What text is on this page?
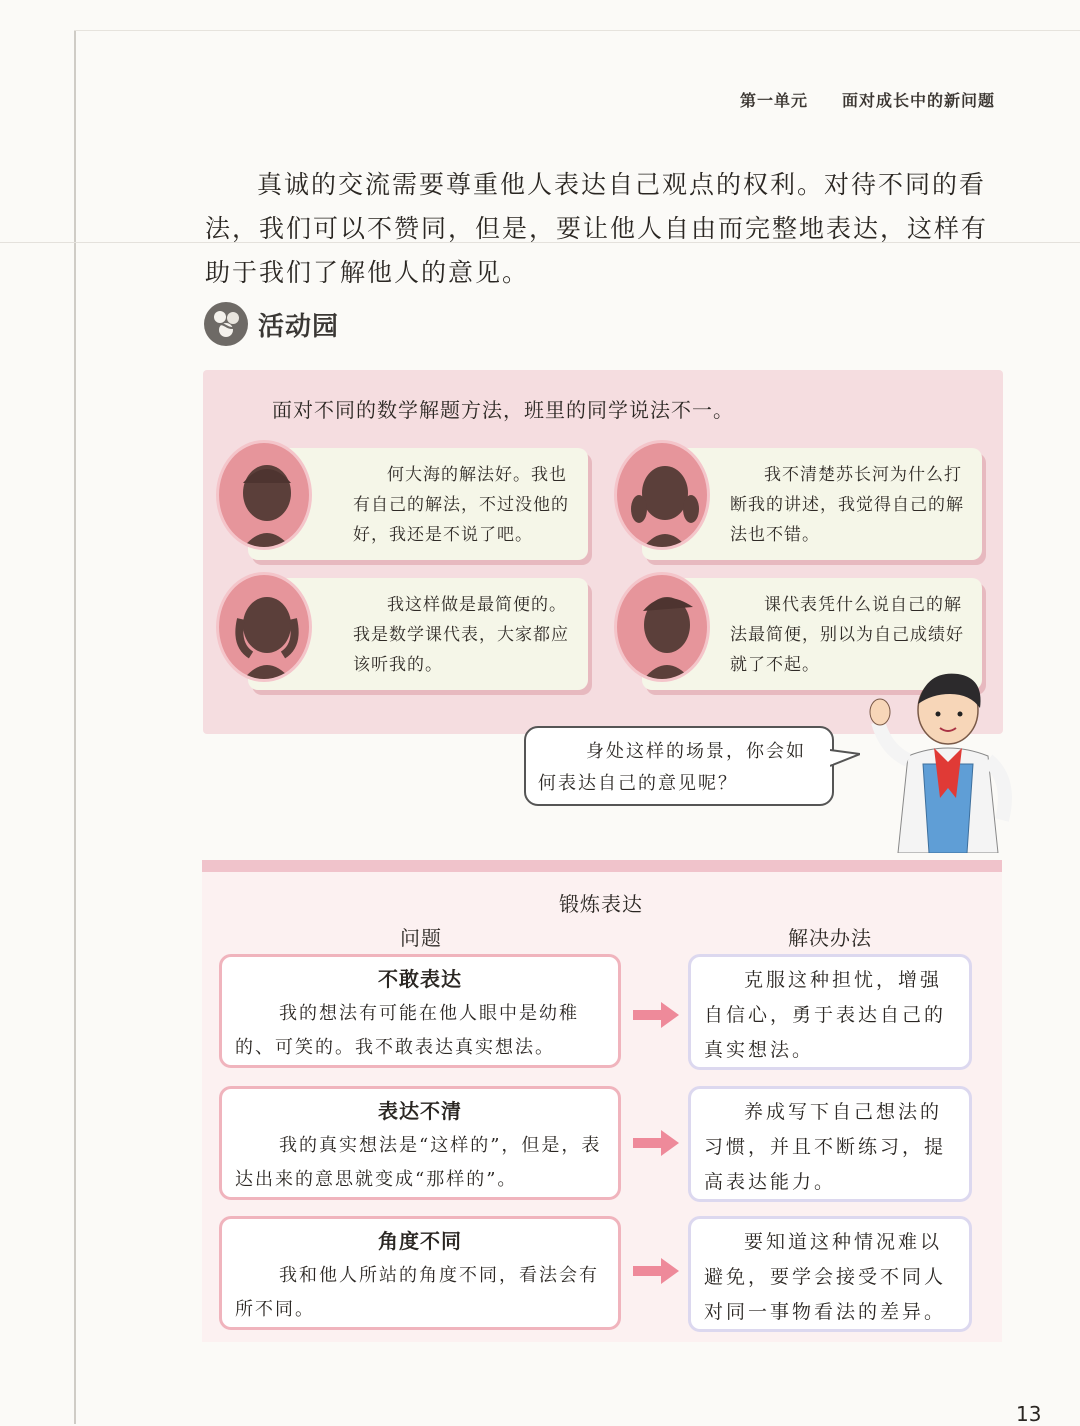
第一单元 面对成长中的新问题
真诚的交流需要尊重他人表达自己观点的权利。对待不同的看法，我们可以不赞同，但是，要让他人自由而完整地表达，这样有助于我们了解他人的意见。
活动园
面对不同的数学解题方法，班里的同学说法不一。
何大海的解法好。我也有自己的解法，不过没他的好，我还是不说了吧。
我不清楚苏长河为什么打断我的讲述，我觉得自己的解法也不错。
我这样做是最简便的。我是数学课代表，大家都应该听我的。
课代表凭什么说自己的解法最简便，别以为自己成绩好就了不起。
身处这样的场景，你会如何表达自己的意见呢？
锻炼表达
问题	解决办法
不敢表达
我的想法有可能在他人眼中是幼稚的、可笑的。我不敢表达真实想法。
克服这种担忧，增强自信心，勇于表达自己的真实想法。
表达不清
我的真实想法是“这样的”，但是，表达出来的意思就变成“那样的”。
养成写下自己想法的习惯，并且不断练习，提高表达能力。
角度不同
我和他人所站的角度不同，看法会有所不同。
要知道这种情况难以避免，要学会接受不同人对同一事物看法的差异。
13
